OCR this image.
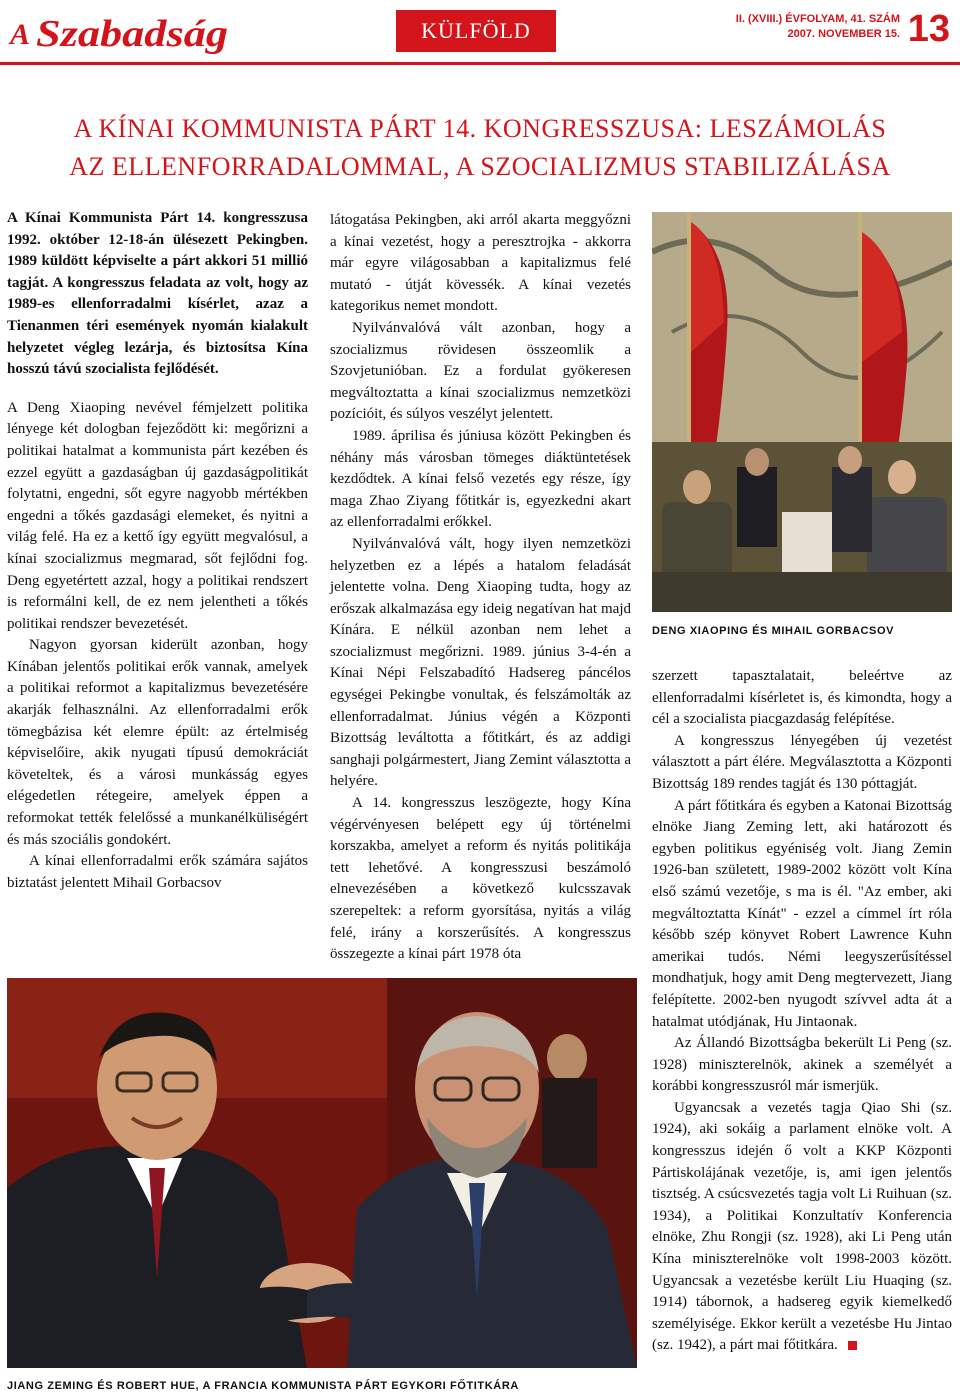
A Szabadság	KÜLFÖLD	II. (XVIII.) ÉVFOLYAM, 41. SZÁM
2007. NOVEMBER 15. 13
A KÍNAI KOMMUNISTA PÁRT 14. KONGRESSZUSA: LESZÁMOLÁS
AZ ELLENFORRADALOMMAL, A SZOCIALIZMUS STABILIZÁLÁSA

A Kínai Kommunista Párt 14. kongresszusa 1992. október 12-18-án ülésezett Pekingben. 1989 küldött képviselte a párt akkori 51 millió tagját. A kongresszus feladata az volt, hogy az 1989-es ellenforradalmi kísérlet, azaz a Tienanmen téri események nyomán kialakult helyzetet végleg lezárja, és biztosítsa Kína hosszú távú szocialista fejlődését.

A Deng Xiaoping nevével fémjelzett politika lényege két dologban fejeződött ki: megőrizni a politikai hatalmat a kommunista párt kezében és ezzel együtt a gazdaságban új gazdaságpolitikát folytatni, engedni, sőt egyre nagyobb mértékben engedni a tőkés gazdasági elemeket, és nyitni a világ felé. Ha ez a kettő így együtt megvalósul, a kínai szocializmus megmarad, sőt fejlődni fog. Deng egyetértett azzal, hogy a politikai rendszert is reformálni kell, de ez nem jelentheti a tőkés politikai rendszer bevezetését.

Nagyon gyorsan kiderült azonban, hogy Kínában jelentős politikai erők vannak, amelyek a politikai reformot a kapitalizmus bevezetésére akarják felhasználni. Az ellenforradalmi erők tömegbázisa két elemre épült: az értelmiség képviselőire, akik nyugati típusú demokráciát követeltek, és a városi munkásság egyes elégedetlen rétegeire, amelyek éppen a reformokat tették felelőssé a munkanélküliségért és más szociális gondokért.

A kínai ellenforradalmi erők számára sajátos biztatást jelentett Mihail Gorbacsov

látogatása Pekingben, aki arról akarta meggyőzni a kínai vezetést, hogy a peresztrojka - akkorra már egyre világosabban a kapitalizmus felé mutató - útját kövessék. A kínai vezetés kategorikus nemet mondott.

Nyilvánvalóvá vált azonban, hogy a szocializmus rövidesen összeomlik a Szovjetunióban. Ez a fordulat gyökeresen megváltoztatta a kínai szocializmus nemzetközi pozícióit, és súlyos veszélyt jelentett.

1989. áprilisa és júniusa között Pekingben és néhány más városban tömeges diáktüntetések kezdődtek. A kínai felső vezetés egy része, így maga Zhao Ziyang főtitkár is, egyezkedni akart az ellenforradalmi erőkkel.

Nyilvánvalóvá vált, hogy ilyen nemzetközi helyzetben ez a lépés a hatalom feladását jelentette volna. Deng Xiaoping tudta, hogy az erőszak alkalmazása egy ideig negatívan hat majd Kínára. E nélkül azonban nem lehet a szocializmust megőrizni. 1989. június 3-4-én a Kínai Népi Felszabadító Hadsereg páncélos egységei Pekingbe vonultak, és felszámolták az ellenforradalmat. Június végén a Központi Bizottság leváltotta a főtitkárt, és az addigi sanghaji polgármestert, Jiang Zemint választotta a helyére.

A 14. kongresszus leszögezte, hogy Kína végérvényesen belépett egy új történelmi korszakba, amelyet a reform és nyitás politikája tett lehetővé. A kongresszusi beszámoló elnevezésében a következő kulcsszavak szerepeltek: a reform gyorsítása, nyitás a világ felé, irány a korszerűsítés. A kongresszus összegezte a kínai párt 1978 óta

DENG XIAOPING ÉS MIHAIL GORBACSOV

szerzett tapasztalatait, beleértve az ellenforradalmi kísérletet is, és kimondta, hogy a cél a szocialista piacgazdaság felépítése.

A kongresszus lényegében új vezetést választott a párt élére. Megválasztotta a Központi Bizottság 189 rendes tagját és 130 póttagját.

A párt főtitkára és egyben a Katonai Bizottság elnöke Jiang Zeming lett, aki határozott és egyben politikus egyéniség volt. Jiang Zemin 1926-ban született, 1989-2002 között volt Kína első számú vezetője, s ma is él. "Az ember, aki megváltoztatta Kínát" - ezzel a címmel írt róla később szép könyvet Robert Lawrence Kuhn amerikai tudós. Némi leegyszerűsítéssel mondhatjuk, hogy amit Deng megtervezett, Jiang felépítette. 2002-ben nyugodt szívvel adta át a hatalmat utódjának, Hu Jintaonak.

Az Állandó Bizottságba bekerült Li Peng (sz. 1928) miniszterelnök, akinek a személyét a korábbi kongresszusról már ismerjük.

Ugyancsak a vezetés tagja Qiao Shi (sz. 1924), aki sokáig a parlament elnöke volt. A kongresszus idején ő volt a KKP Központi Pártiskolájának vezetője, is, ami igen jelentős tisztség. A csúcsvezetés tagja volt Li Ruihuan (sz. 1934), a Politikai Konzultatív Konferencia elnöke, Zhu Rongji (sz. 1928), aki Li Peng után Kína miniszterelnöke volt 1998-2003 között. Ugyancsak a vezetésbe került Liu Huaqing (sz. 1914) tábornok, a hadsereg egyik kiemelkedő személyisége. Ekkor került a vezetésbe Hu Jintao (sz. 1942), a párt mai főtitkára.

JIANG ZEMING ÉS ROBERT HUE, A FRANCIA KOMMUNISTA PÁRT EGYKORI FŐTITKÁRA
